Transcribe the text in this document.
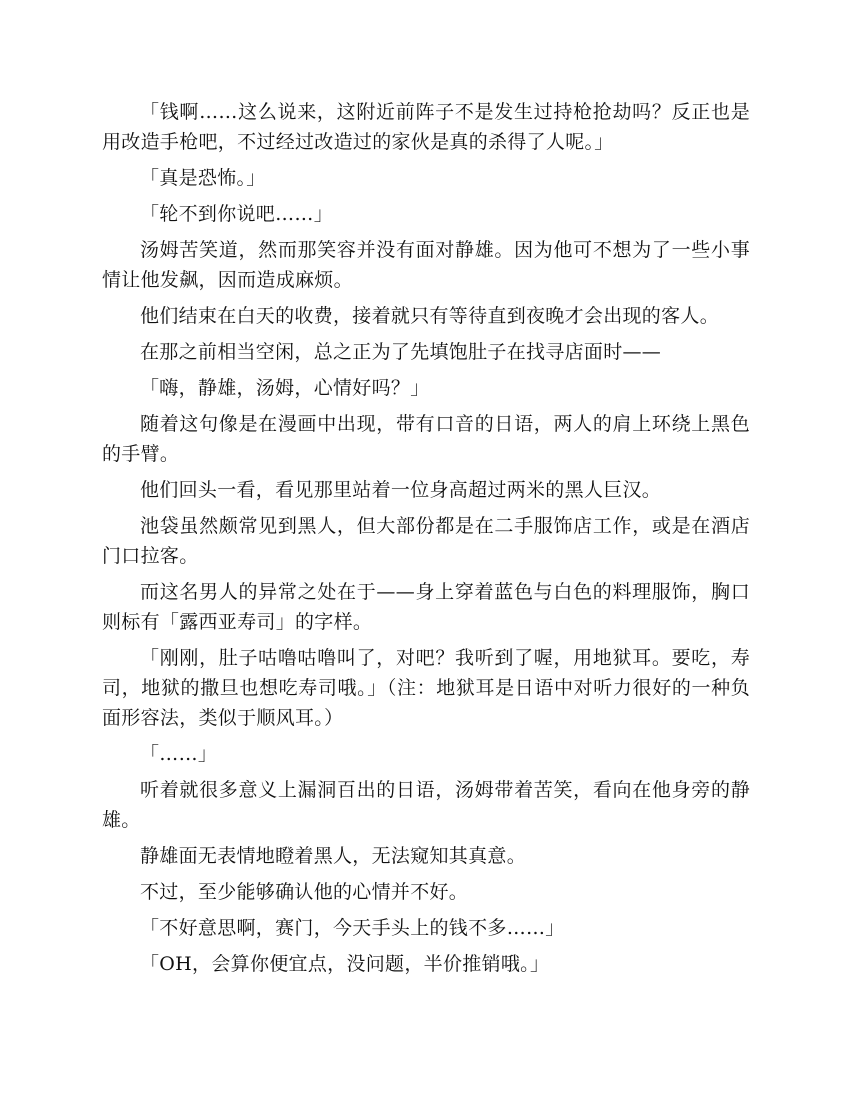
「钱啊……这么说来，这附近前阵子不是发生过持枪抢劫吗？反正也是用改造手枪吧，不过经过改造过的家伙是真的杀得了人呢。」

「真是恐怖。」

「轮不到你说吧……」

汤姆苦笑道，然而那笑容并没有面对静雄。因为他可不想为了一些小事情让他发飙，因而造成麻烦。

他们结束在白天的收费，接着就只有等待直到夜晚才会出现的客人。

在那之前相当空闲，总之正为了先填饱肚子在找寻店面时——

「嗨，静雄，汤姆，心情好吗？」

随着这句像是在漫画中出现，带有口音的日语，两人的肩上环绕上黑色的手臂。

他们回头一看，看见那里站着一位身高超过两米的黑人巨汉。

池袋虽然颇常见到黑人，但大部份都是在二手服饰店工作，或是在酒店门口拉客。

而这名男人的异常之处在于——身上穿着蓝色与白色的料理服饰，胸口则标有「露西亚寿司」的字样。

「刚刚，肚子咕噜咕噜叫了，对吧？我听到了喔，用地狱耳。要吃，寿司，地狱的撒旦也想吃寿司哦。」（注：地狱耳是日语中对听力很好的一种负面形容法，类似于顺风耳。）

「……」

听着就很多意义上漏洞百出的日语，汤姆带着苦笑，看向在他身旁的静雄。

静雄面无表情地瞪着黑人，无法窥知其真意。

不过，至少能够确认他的心情并不好。

「不好意思啊，赛门，今天手头上的钱不多……」

「OH，会算你便宜点，没问题，半价推销哦。」
